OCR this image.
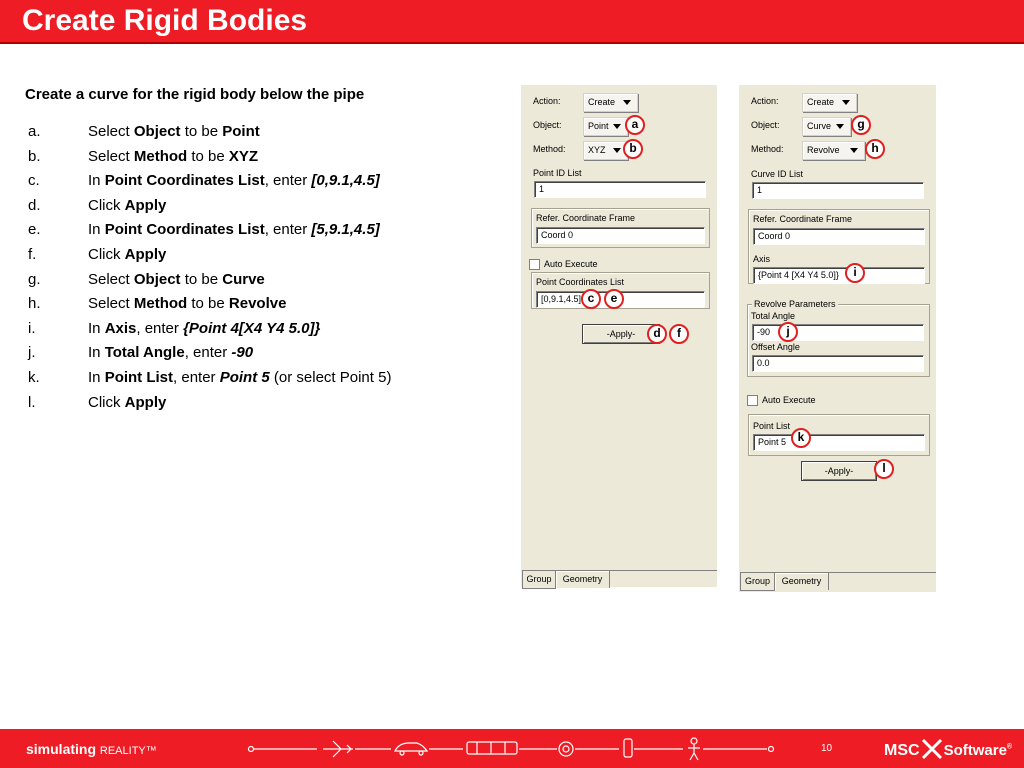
Create Rigid Bodies
Create a curve for the rigid body below the pipe
a.	Select Object to be Point
b.	Select Method to be XYZ
c.	In Point Coordinates List, enter [0,9.1,4.5]
d.	Click Apply
e.	In Point Coordinates List, enter [5,9.1,4.5]
f.	Click Apply
g.	Select Object to be Curve
h.	Select Method to be Revolve
i.	In Axis, enter {Point 4[X4 Y4 5.0]}
j.	In Total Angle, enter -90
k.	In Point List, enter Point 5 (or select Point 5)
l.	Click Apply
Action:	Create
Object:	Point
Method: XYZ
Point ID List
1
Refer. Coordinate Frame
Coord 0
Auto Execute
Point Coordinates List
[0,9.1,4.5]
-Apply-
Group	Geometry
a
b
c	e
d	f
Action:	Create
Object:	Curve
Method:	Revolve
Curve ID List
1
Refer. Coordinate Frame
Coord 0
Axis
{Point 4 [X4 Y4 5.0]}
Revolve Parameters
Total Angle
-90
Offset Angle
0.0
Auto Execute
Point List
Point 5
-Apply-
Group	Geometry
g
h
i
j
k
l
simulating REALITY™	10	MSC Software®
